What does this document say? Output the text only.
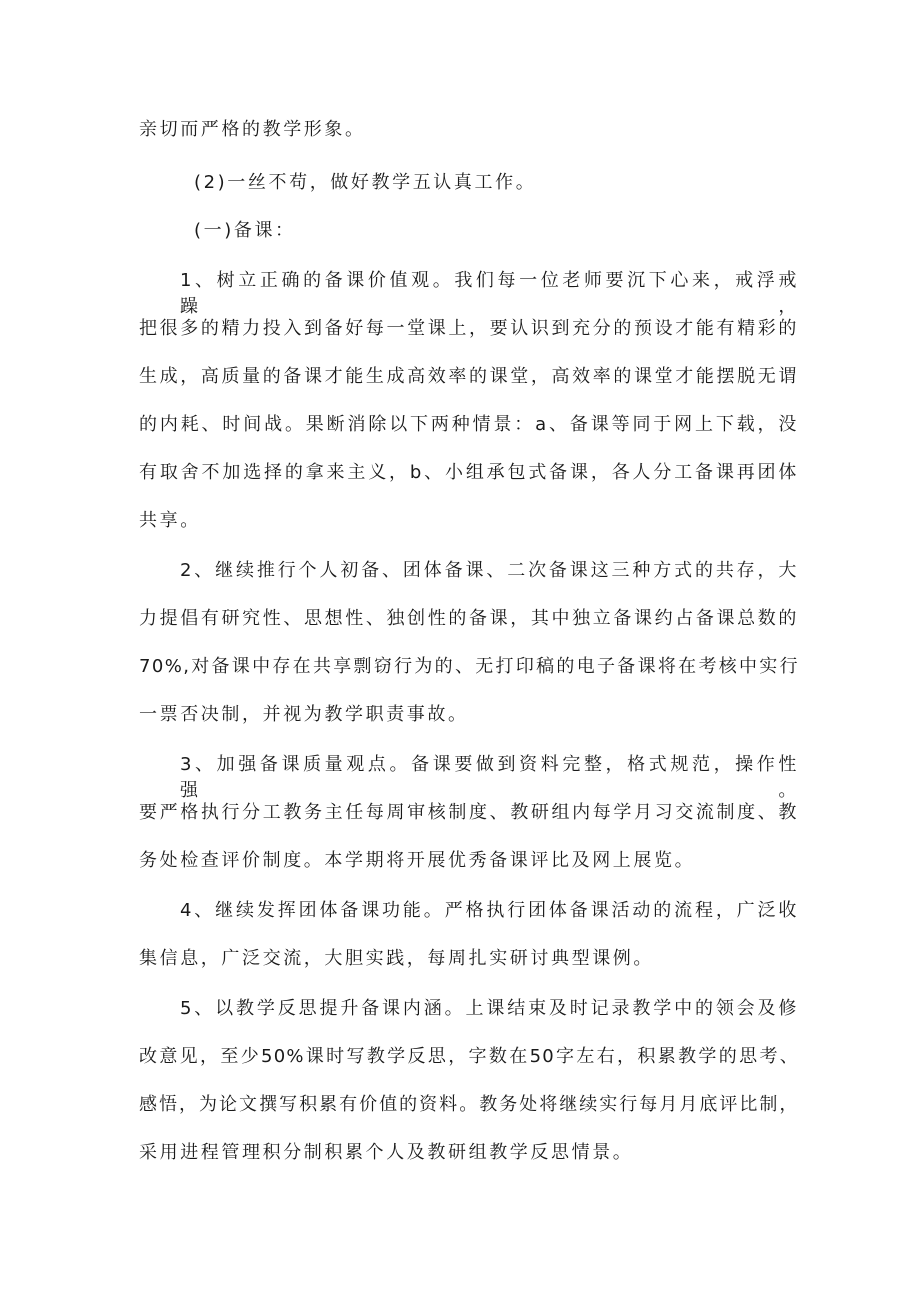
亲切而严格的教学形象。
(2)一丝不苟，做好教学五认真工作。
(一)备课：
1、树立正确的备课价值观。我们每一位老师要沉下心来，戒浮戒躁，
把很多的精力投入到备好每一堂课上，要认识到充分的预设才能有精彩的
生成，高质量的备课才能生成高效率的课堂，高效率的课堂才能摆脱无谓
的内耗、时间战。果断消除以下两种情景：a、备课等同于网上下载，没
有取舍不加选择的拿来主义，b、小组承包式备课，各人分工备课再团体
共享。
2、继续推行个人初备、团体备课、二次备课这三种方式的共存，大
力提倡有研究性、思想性、独创性的备课，其中独立备课约占备课总数的
70%,对备课中存在共享剽窃行为的、无打印稿的电子备课将在考核中实行
一票否决制，并视为教学职责事故。
3、加强备课质量观点。备课要做到资料完整，格式规范，操作性强。
要严格执行分工教务主任每周审核制度、教研组内每学月习交流制度、教
务处检查评价制度。本学期将开展优秀备课评比及网上展览。
4、继续发挥团体备课功能。严格执行团体备课活动的流程，广泛收
集信息，广泛交流，大胆实践，每周扎实研讨典型课例。
5、以教学反思提升备课内涵。上课结束及时记录教学中的领会及修
改意见，至少50%课时写教学反思，字数在50字左右，积累教学的思考、
感悟，为论文撰写积累有价值的资料。教务处将继续实行每月月底评比制，
采用进程管理积分制积累个人及教研组教学反思情景。
